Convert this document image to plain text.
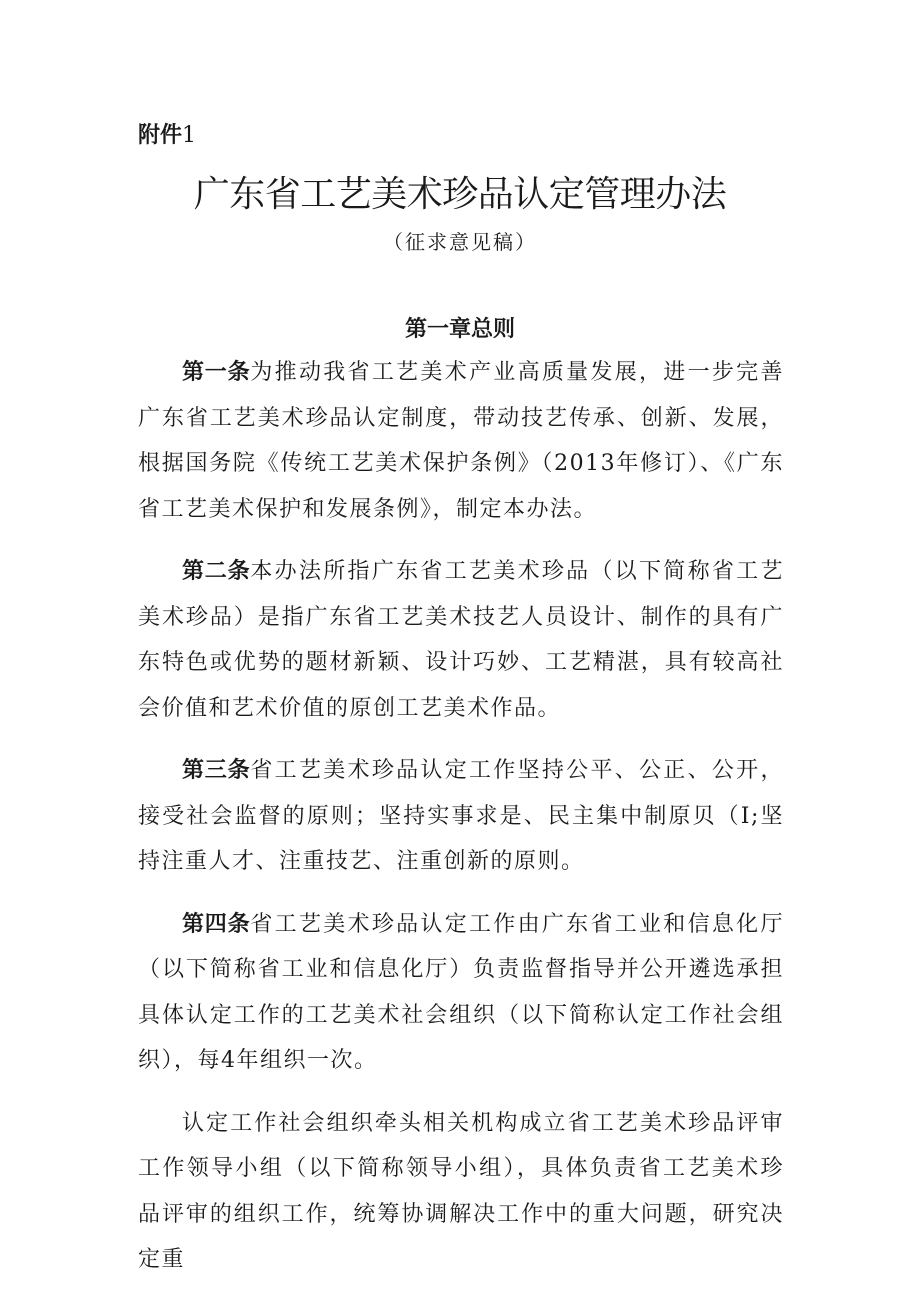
附件1
广东省工艺美术珍品认定管理办法
（征求意见稿）
第一章总则

第一条为推动我省工艺美术产业高质量发展，进一步完善广东省工艺美术珍品认定制度，带动技艺传承、创新、发展，根据国务院《传统工艺美术保护条例》（2013年修订）、《广东省工艺美术保护和发展条例》，制定本办法。

第二条本办法所指广东省工艺美术珍品（以下简称省工艺美术珍品）是指广东省工艺美术技艺人员设计、制作的具有广东特色或优势的题材新颖、设计巧妙、工艺精湛，具有较高社会价值和艺术价值的原创工艺美术作品。

第三条省工艺美术珍品认定工作坚持公平、公正、公开，接受社会监督的原则；坚持实事求是、民主集中制原贝（I;坚持注重人才、注重技艺、注重创新的原则。

第四条省工艺美术珍品认定工作由广东省工业和信息化厅（以下简称省工业和信息化厅）负责监督指导并公开遴选承担具体认定工作的工艺美术社会组织（以下简称认定工作社会组织），每4年组织一次。

认定工作社会组织牵头相关机构成立省工艺美术珍品评审工作领导小组（以下简称领导小组），具体负责省工艺美术珍品评审的组织工作，统筹协调解决工作中的重大问题，研究决定重
